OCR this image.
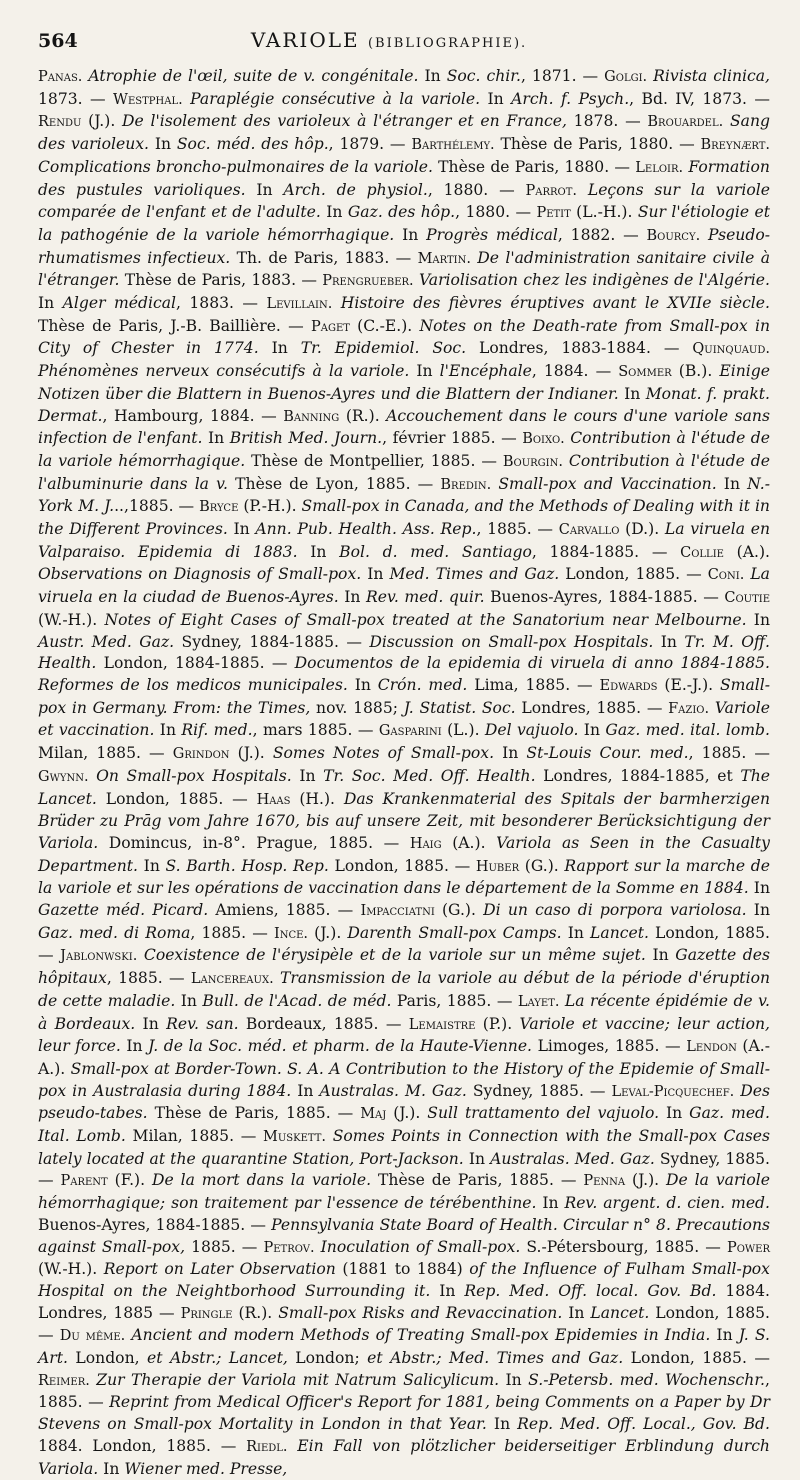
564	VARIOLE (BIBLIOGRAPHIE).

Panas. Atrophie de l'œil, suite de v. congénitale. In Soc. chir., 1871. — Golgi. Rivista clinica, 1873. — Westphal. Paraplégie consécutive à la variole. In Arch. f. Psych., Bd. IV, 1873. — Rendu (J.). De l'isolement des varioleux à l'étranger et en France, 1878. — Brouardel. Sang des varioleux. In Soc. méd. des hôp., 1879. — Barthélemy. Thèse de Paris, 1880. — Breynært. Complications broncho-pulmonaires de la variole. Thèse de Paris, 1880. — Leloir. Formation des pustules varioliques. In Arch. de physiol., 1880. — Parrot. Leçons sur la variole comparée de l'enfant et de l'adulte. In Gaz. des hôp., 1880. — Petit (L.-H.). Sur l'étiologie et la pathogénie de la variole hémorrhagique. In Progrès médical, 1882. — Bourcy. Pseudo-rhumatismes infectieux. Th. de Paris, 1883. — Martin. De l'administration sanitaire civile à l'étranger. Thèse de Paris, 1883. — Prengrueber. Variolisation chez les indigènes de l'Algérie. In Alger médical, 1883. — Levillain. Histoire des fièvres éruptives avant le XVIIe siècle. Thèse de Paris, J.-B. Baillière. — Paget (C.-E.). Notes on the Death-rate from Small-pox in City of Chester in 1774. In Tr. Epidemiol. Soc. Londres, 1883-1884. — Quinquaud. Phénomènes nerveux consécutifs à la variole. In l'Encéphale, 1884. — Sommer (B.). Einige Notizen über die Blattern in Buenos-Ayres und die Blattern der Indianer. In Monat. f. prakt. Dermat., Hambourg, 1884. — Banning (R.). Accouchement dans le cours d'une variole sans infection de l'enfant. In British Med. Journ., février 1885. — Boixo. Contribution à l'étude de la variole hémorrhagique. Thèse de Montpellier, 1885. — Bourgin. Contribution à l'étude de l'albuminurie dans la v. Thèse de Lyon, 1885. — Bredin. Small-pox and Vaccination. In N.-York M. J...,1885. — Bryce (P.-H.). Small-pox in Canada, and the Methods of Dealing with it in the Different Provinces. In Ann. Pub. Health. Ass. Rep., 1885. — Carvallo (D.). La viruela en Valparaiso. Epidemia di 1883. In Bol. d. med. Santiago, 1884-1885. — Collie (A.). Observations on Diagnosis of Small-pox. In Med. Times and Gaz. London, 1885. — Coni. La viruela en la ciudad de Buenos-Ayres. In Rev. med. quir. Buenos-Ayres, 1884-1885. — Coutie (W.-H.). Notes of Eight Cases of Small-pox treated at the Sanatorium near Melbourne. In Austr. Med. Gaz. Sydney, 1884-1885. — Discussion on Small-pox Hospitals. In Tr. M. Off. Health. London, 1884-1885. — Documentos de la epidemia di viruela di anno 1884-1885. Reformes de los medicos municipales. In Crón. med. Lima, 1885. — Edwards (E.-J.). Small-pox in Germany. From: the Times, nov. 1885; J. Statist. Soc. Londres, 1885. — Fazio. Variole et vaccination. In Rif. med., mars 1885. — Gasparini (L.). Del vajuolo. In Gaz. med. ital. lomb. Milan, 1885. — Grindon (J.). Somes Notes of Small-pox. In St-Louis Cour. med., 1885. — Gwynn. On Small-pox Hospitals. In Tr. Soc. Med. Off. Health. Londres, 1884-1885, et The Lancet. London, 1885. — Haas (H.). Das Krankenmaterial des Spitals der barmherzigen Brüder zu Prāg vom Jahre 1670, bis auf unsere Zeit, mit besonderer Berücksichtigung der Variola. Domincus, in-8°. Prague, 1885. — Haig (A.). Variola as Seen in the Casualty Department. In S. Barth. Hosp. Rep. London, 1885. — Huber (G.). Rapport sur la marche de la variole et sur les opérations de vaccination dans le département de la Somme en 1884. In Gazette méd. Picard. Amiens, 1885. — Impacciatni (G.). Di un caso di porpora variolosa. In Gaz. med. di Roma, 1885. — Ince. (J.). Darenth Small-pox Camps. In Lancet. London, 1885. — Jablonwski. Coexistence de l'érysipèle et de la variole sur un même sujet. In Gazette des hôpitaux, 1885. — Lancereaux. Transmission de la variole au début de la période d'éruption de cette maladie. In Bull. de l'Acad. de méd. Paris, 1885. — Layet. La récente épidémie de v. à Bordeaux. In Rev. san. Bordeaux, 1885. — Lemaistre (P.). Variole et vaccine; leur action, leur force. In J. de la Soc. méd. et pharm. de la Haute-Vienne. Limoges, 1885. — Lendon (A.-A.). Small-pox at Border-Town. S. A. A Contribution to the History of the Epidemie of Small-pox in Australasia during 1884. In Australas. M. Gaz. Sydney, 1885. — Leval-Picquechef. Des pseudo-tabes. Thèse de Paris, 1885. — Maj (J.). Sull trattamento del vajuolo. In Gaz. med. Ital. Lomb. Milan, 1885. — Muskett. Somes Points in Connection with the Small-pox Cases lately located at the quarantine Station, Port-Jackson. In Australas. Med. Gaz. Sydney, 1885. — Parent (F.). De la mort dans la variole. Thèse de Paris, 1885. — Penna (J.). De la variole hémorrhagique; son traitement par l'essence de térébenthine. In Rev. argent. d. cien. med. Buenos-Ayres, 1884-1885. — Pennsylvania State Board of Health. Circular n° 8. Precautions against Small-pox, 1885. — Petrov. Inoculation of Small-pox. S.-Pétersbourg, 1885. — Power (W.-H.). Report on Later Observation (1881 to 1884) of the Influence of Fulham Small-pox Hospital on the Neightborhood Surrounding it. In Rep. Med. Off. local. Gov. Bd. 1884. Londres, 1885 — Pringle (R.). Small-pox Risks and Revaccination. In Lancet. London, 1885. — Du même. Ancient and modern Methods of Treating Small-pox Epidemies in India. In J. S. Art. London, et Abstr.; Lancet, London; et Abstr.; Med. Times and Gaz. London, 1885. — Reimer. Zur Therapie der Variola mit Natrum Salicylicum. In S.-Petersb. med. Wochenschr., 1885. — Reprint from Medical Officer's Report for 1881, being Comments on a Paper by Dr Stevens on Small-pox Mortality in London in that Year. In Rep. Med. Off. Local., Gov. Bd. 1884. London, 1885. — Riedl. Ein Fall von plötzlicher beiderseitiger Erblindung durch Variola. In Wiener med. Presse,
